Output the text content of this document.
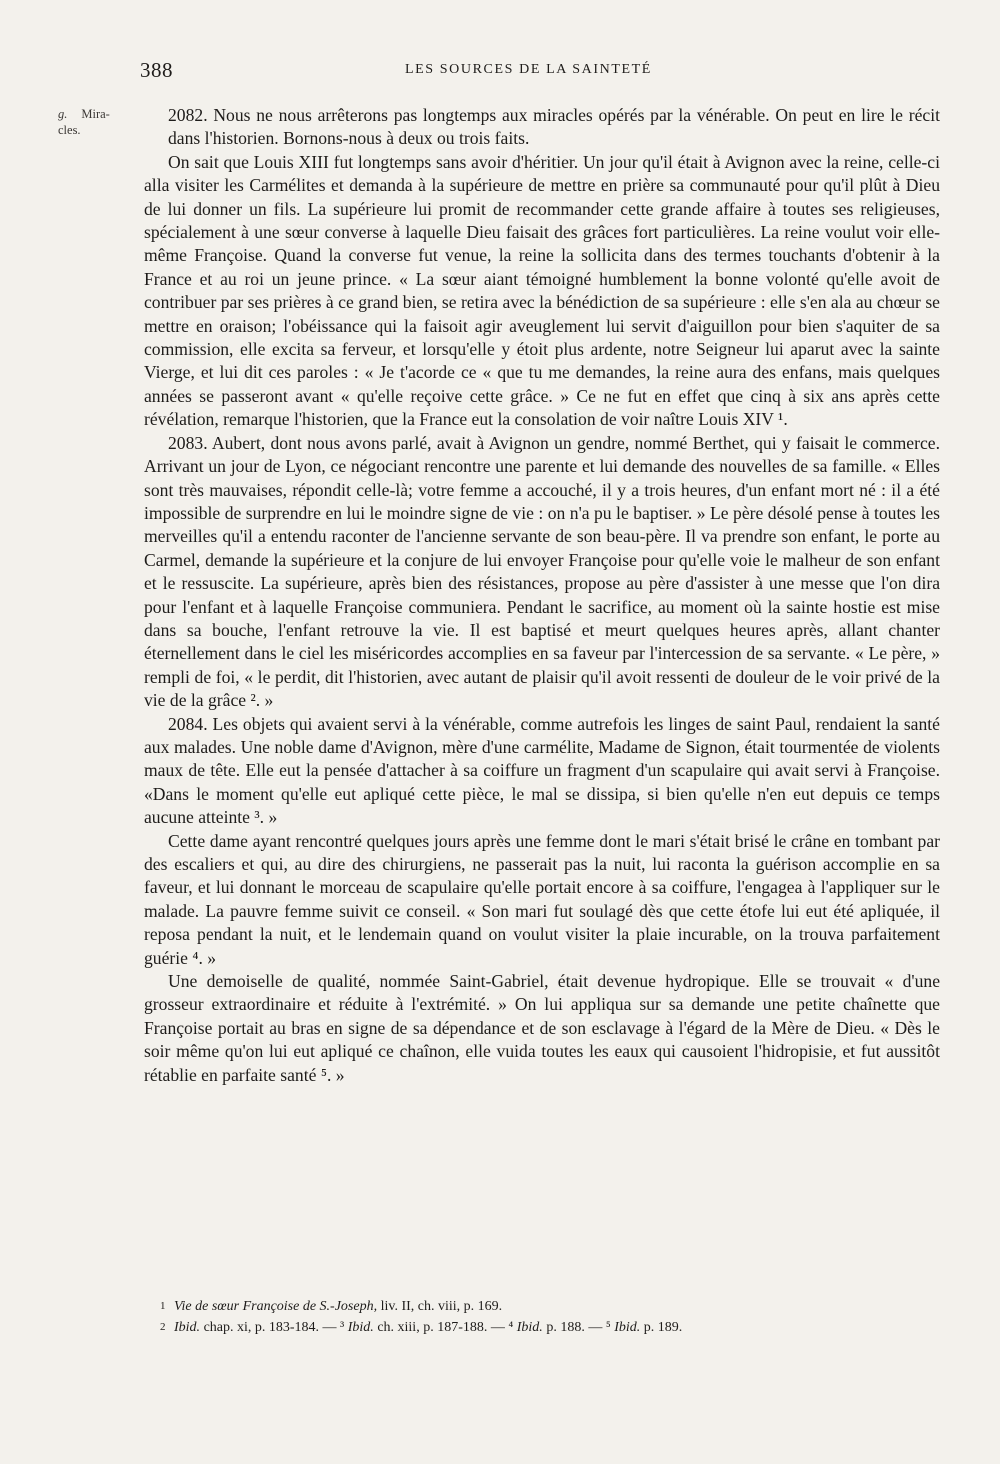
388	LES SOURCES DE LA SAINTETÉ
g. Mira-
cles.

2082. Nous ne nous arrêterons pas longtemps aux miracles opérés par la vénérable. On peut en lire le récit dans l'historien. Bornons-nous à deux ou trois faits.

On sait que Louis XIII fut longtemps sans avoir d'héritier. Un jour qu'il était à Avignon avec la reine, celle-ci alla visiter les Carmélites et demanda à la supérieure de mettre en prière sa communauté pour qu'il plût à Dieu de lui donner un fils. La supérieure lui promit de recommander cette grande affaire à toutes ses religieuses, spécialement à une sœur converse à laquelle Dieu faisait des grâces fort particulières. La reine voulut voir elle-même Françoise. Quand la converse fut venue, la reine la sollicita dans des termes touchants d'obtenir à la France et au roi un jeune prince. « La sœur aiant témoigné humblement la bonne volonté qu'elle avoit de contribuer par ses prières à ce grand bien, se retira avec la bénédiction de sa supérieure : elle s'en ala au chœur se mettre en oraison; l'obéissance qui la faisoit agir aveuglement lui servit d'aiguillon pour bien s'aquiter de sa commission, elle excita sa ferveur, et lorsqu'elle y étoit plus ardente, notre Seigneur lui aparut avec la sainte Vierge, et lui dit ces paroles : « Je t'acorde ce « que tu me demandes, la reine aura des enfans, mais quelques années se passeront avant « qu'elle reçoive cette grâce. » Ce ne fut en effet que cinq à six ans après cette révélation, remarque l'historien, que la France eut la consolation de voir naître Louis XIV ¹.

2083. Aubert, dont nous avons parlé, avait à Avignon un gendre, nommé Berthet, qui y faisait le commerce. Arrivant un jour de Lyon, ce négociant rencontre une parente et lui demande des nouvelles de sa famille. « Elles sont très mauvaises, répondit celle-là; votre femme a accouché, il y a trois heures, d'un enfant mort né : il a été impossible de surprendre en lui le moindre signe de vie : on n'a pu le baptiser. » Le père désolé pense à toutes les merveilles qu'il a entendu raconter de l'ancienne servante de son beau-père. Il va prendre son enfant, le porte au Carmel, demande la supérieure et la conjure de lui envoyer Françoise pour qu'elle voie le malheur de son enfant et le ressuscite. La supérieure, après bien des résistances, propose au père d'assister à une messe que l'on dira pour l'enfant et à laquelle Françoise communiera. Pendant le sacrifice, au moment où la sainte hostie est mise dans sa bouche, l'enfant retrouve la vie. Il est baptisé et meurt quelques heures après, allant chanter éternellement dans le ciel les miséricordes accomplies en sa faveur par l'intercession de sa servante. « Le père, » rempli de foi, « le perdit, dit l'historien, avec autant de plaisir qu'il avoit ressenti de douleur de le voir privé de la vie de la grâce ². »

2084. Les objets qui avaient servi à la vénérable, comme autrefois les linges de saint Paul, rendaient la santé aux malades. Une noble dame d'Avignon, mère d'une carmélite, Madame de Signon, était tourmentée de violents maux de tête. Elle eut la pensée d'attacher à sa coiffure un fragment d'un scapulaire qui avait servi à Françoise. «Dans le moment qu'elle eut apliqué cette pièce, le mal se dissipa, si bien qu'elle n'en eut depuis ce temps aucune atteinte ³. »

Cette dame ayant rencontré quelques jours après une femme dont le mari s'était brisé le crâne en tombant par des escaliers et qui, au dire des chirurgiens, ne passerait pas la nuit, lui raconta la guérison accomplie en sa faveur, et lui donnant le morceau de scapulaire qu'elle portait encore à sa coiffure, l'engagea à l'appliquer sur le malade. La pauvre femme suivit ce conseil. « Son mari fut soulagé dès que cette étofe lui eut été apliquée, il reposa pendant la nuit, et le lendemain quand on voulut visiter la plaie incurable, on la trouva parfaitement guérie ⁴. »

Une demoiselle de qualité, nommée Saint-Gabriel, était devenue hydropique. Elle se trouvait « d'une grosseur extraordinaire et réduite à l'extrémité. » On lui appliqua sur sa demande une petite chaînette que Françoise portait au bras en signe de sa dépendance et de son esclavage à l'égard de la Mère de Dieu. « Dès le soir même qu'on lui eut apliqué ce chaînon, elle vuida toutes les eaux qui causoient l'hidropisie, et fut aussitôt rétablie en parfaite santé ⁵. »

1 Vie de sœur Françoise de S.-Joseph, liv. II, ch. viii, p. 169.
2 Ibid. chap. xi, p. 183-184. — ³ Ibid. ch. xiii, p. 187-188. — ⁴ Ibid. p. 188. — ⁵ Ibid. p. 189.
